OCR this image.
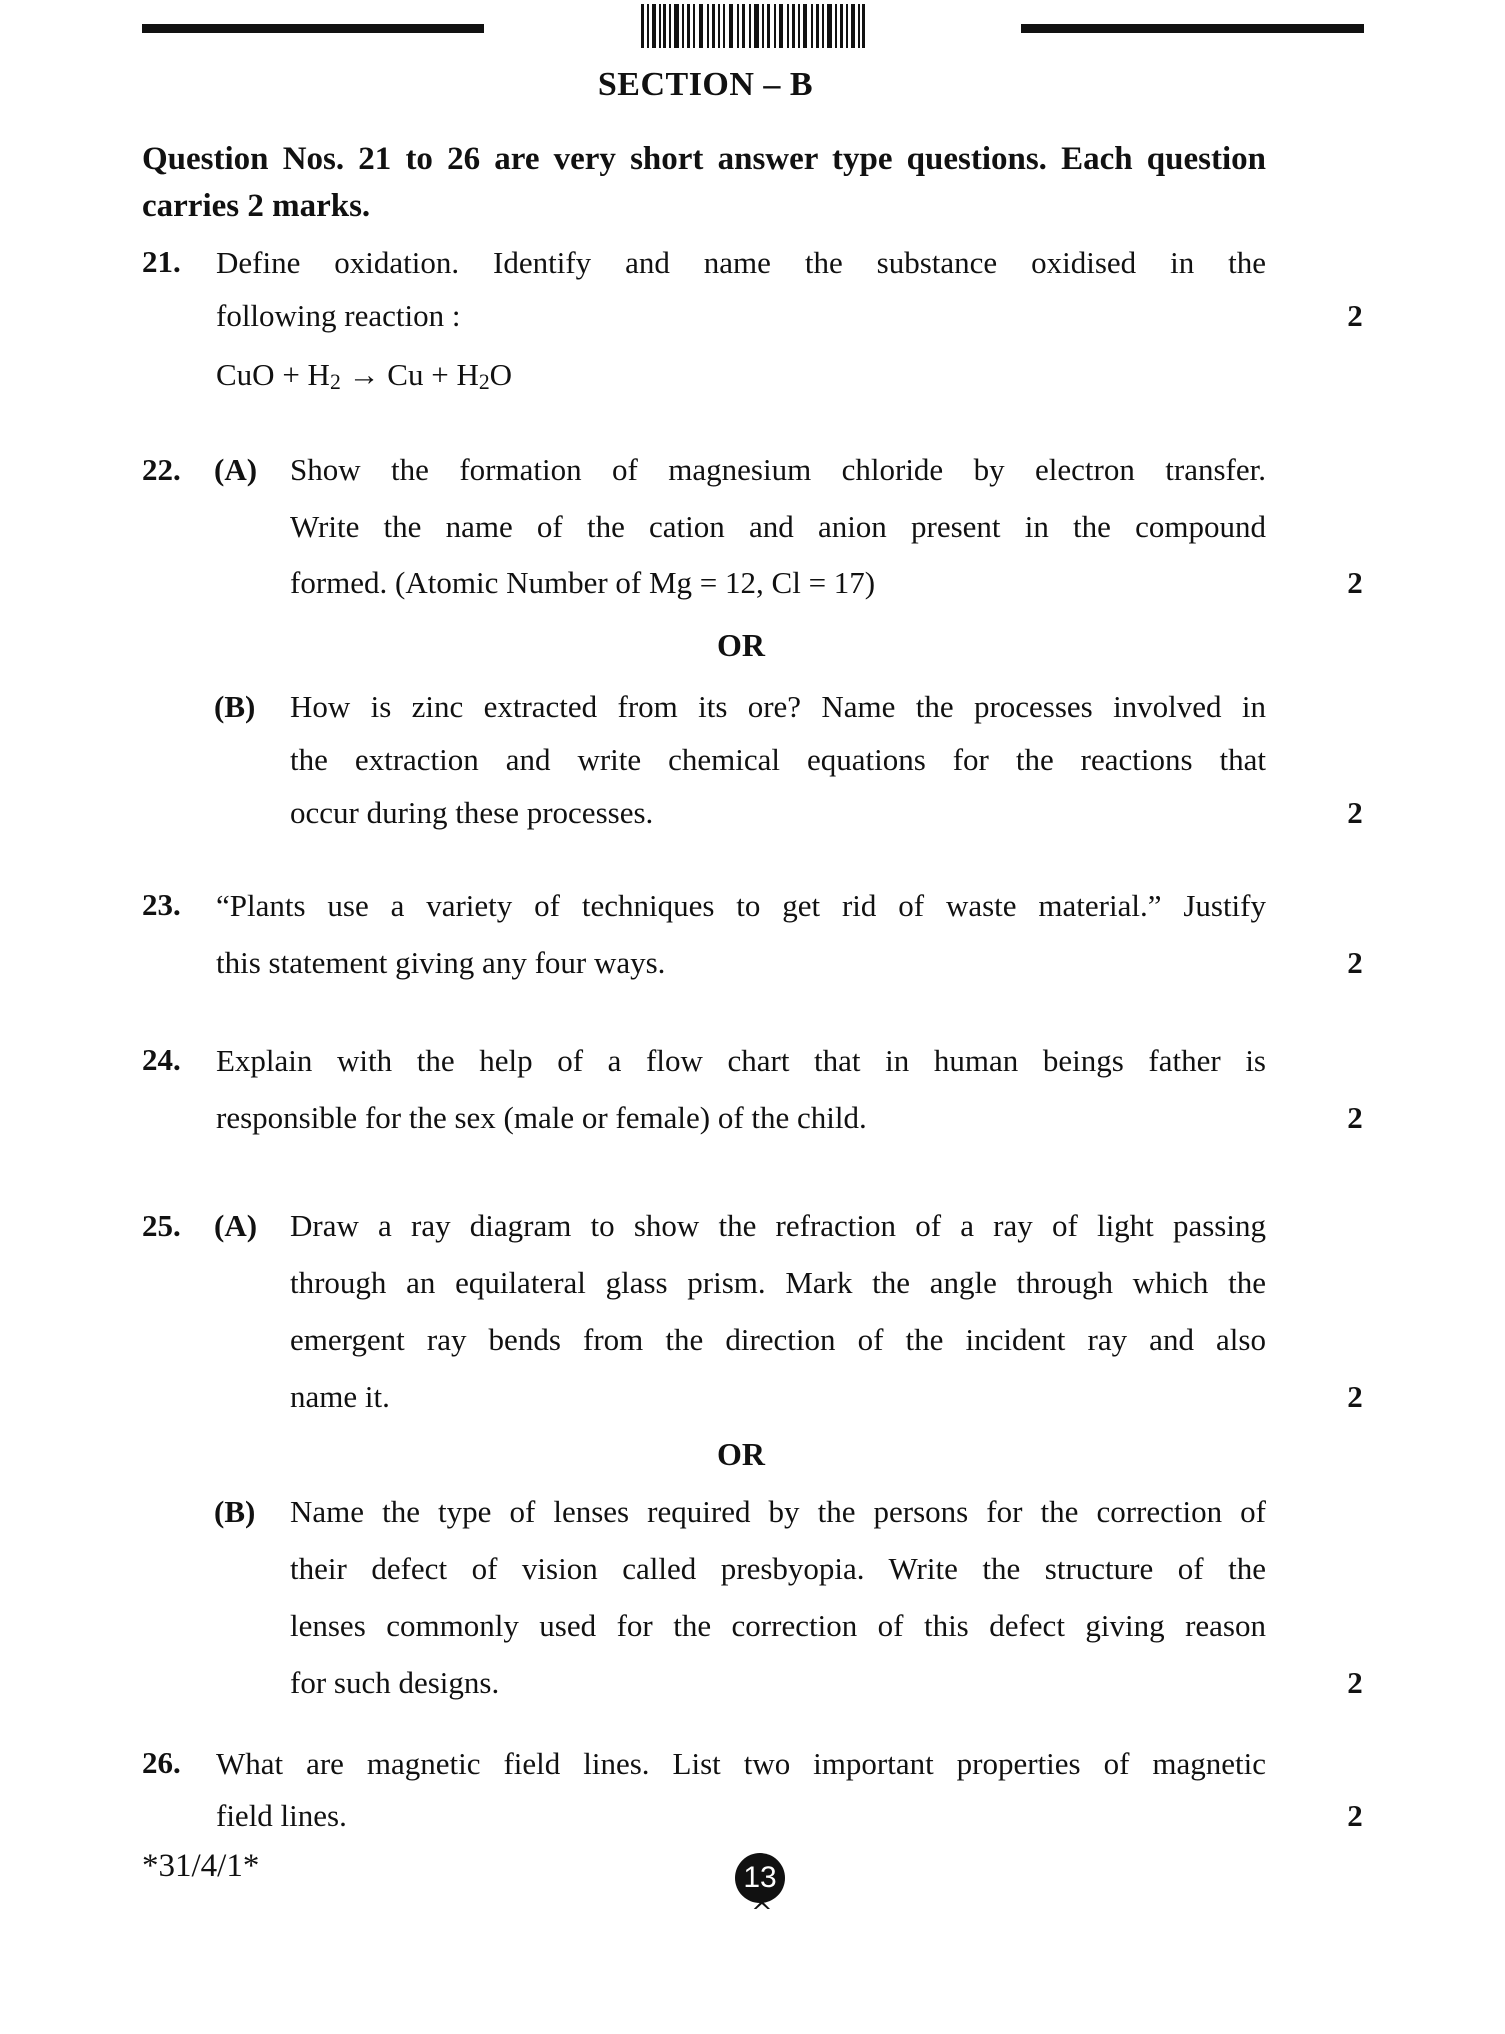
SECTION – B
Question Nos. 21 to 26 are very short answer type questions. Each question
carries 2 marks.
21. Define oxidation. Identify and name the substance oxidised in the
following reaction :	2
CuO + $H_2 \to Cu + H_2O$
22. (A) Show the formation of magnesium chloride by electron transfer.
Write the name of the cation and anion present in the compound
formed. (Atomic Number of Mg = 12, Cl = 17)	2
OR
(B) How is zinc extracted from its ore? Name the processes involved in
the extraction and write chemical equations for the reactions that
occur during these processes.	2
23. “Plants use a variety of techniques to get rid of waste material.” Justify
this statement giving any four ways.	2
24. Explain with the help of a flow chart that in human beings father is
responsible for the sex (male or female) of the child.	2
25. (A) Draw a ray diagram to show the refraction of a ray of light passing
through an equilateral glass prism. Mark the angle through which the
emergent ray bends from the direction of the incident ray and also
name it.	2
OR
(B) Name the type of lenses required by the persons for the correction of
their defect of vision called presbyopia. Write the structure of the
lenses commonly used for the correction of this defect giving reason
for such designs.	2
26. What are magnetic field lines. List two important properties of magnetic
field lines.	2
*31/4/1*	13
^
